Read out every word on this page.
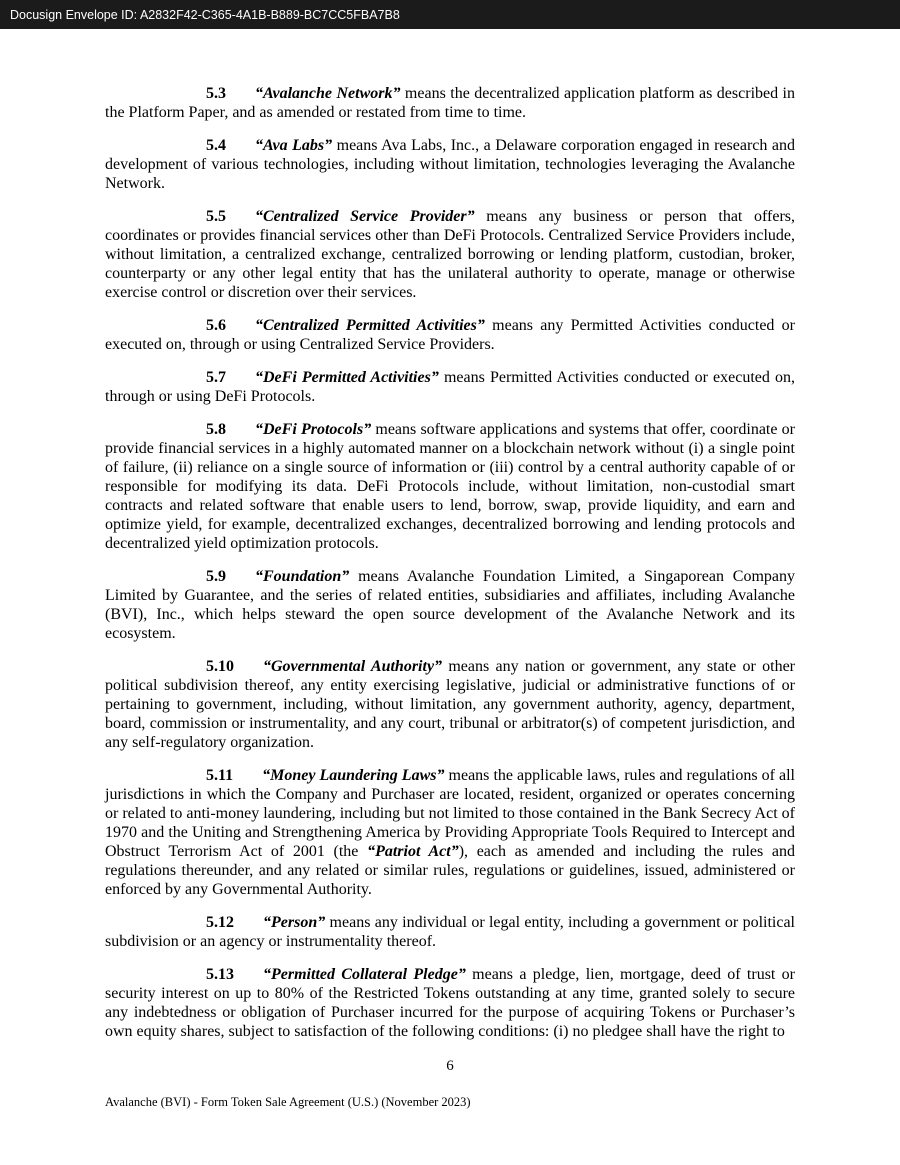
Docusign Envelope ID: A2832F42-C365-4A1B-B889-BC7CC5FBA7B8

5.3 “Avalanche Network” means the decentralized application platform as described in the Platform Paper, and as amended or restated from time to time.

5.4 “Ava Labs” means Ava Labs, Inc., a Delaware corporation engaged in research and development of various technologies, including without limitation, technologies leveraging the Avalanche Network.

5.5 “Centralized Service Provider” means any business or person that offers, coordinates or provides financial services other than DeFi Protocols. Centralized Service Providers include, without limitation, a centralized exchange, centralized borrowing or lending platform, custodian, broker, counterparty or any other legal entity that has the unilateral authority to operate, manage or otherwise exercise control or discretion over their services.

5.6 “Centralized Permitted Activities” means any Permitted Activities conducted or executed on, through or using Centralized Service Providers.

5.7 “DeFi Permitted Activities” means Permitted Activities conducted or executed on, through or using DeFi Protocols.

5.8 “DeFi Protocols” means software applications and systems that offer, coordinate or provide financial services in a highly automated manner on a blockchain network without (i) a single point of failure, (ii) reliance on a single source of information or (iii) control by a central authority capable of or responsible for modifying its data. DeFi Protocols include, without limitation, non-custodial smart contracts and related software that enable users to lend, borrow, swap, provide liquidity, and earn and optimize yield, for example, decentralized exchanges, decentralized borrowing and lending protocols and decentralized yield optimization protocols.

5.9 “Foundation” means Avalanche Foundation Limited, a Singaporean Company Limited by Guarantee, and the series of related entities, subsidiaries and affiliates, including Avalanche (BVI), Inc., which helps steward the open source development of the Avalanche Network and its ecosystem.

5.10 “Governmental Authority” means any nation or government, any state or other political subdivision thereof, any entity exercising legislative, judicial or administrative functions of or pertaining to government, including, without limitation, any government authority, agency, department, board, commission or instrumentality, and any court, tribunal or arbitrator(s) of competent jurisdiction, and any self-regulatory organization.

5.11 “Money Laundering Laws” means the applicable laws, rules and regulations of all jurisdictions in which the Company and Purchaser are located, resident, organized or operates concerning or related to anti-money laundering, including but not limited to those contained in the Bank Secrecy Act of 1970 and the Uniting and Strengthening America by Providing Appropriate Tools Required to Intercept and Obstruct Terrorism Act of 2001 (the “Patriot Act”), each as amended and including the rules and regulations thereunder, and any related or similar rules, regulations or guidelines, issued, administered or enforced by any Governmental Authority.

5.12 “Person” means any individual or legal entity, including a government or political subdivision or an agency or instrumentality thereof.

5.13 “Permitted Collateral Pledge” means a pledge, lien, mortgage, deed of trust or security interest on up to 80% of the Restricted Tokens outstanding at any time, granted solely to secure any indebtedness or obligation of Purchaser incurred for the purpose of acquiring Tokens or Purchaser’s own equity shares, subject to satisfaction of the following conditions: (i) no pledgee shall have the right to

6
Avalanche (BVI) - Form Token Sale Agreement (U.S.) (November 2023)
